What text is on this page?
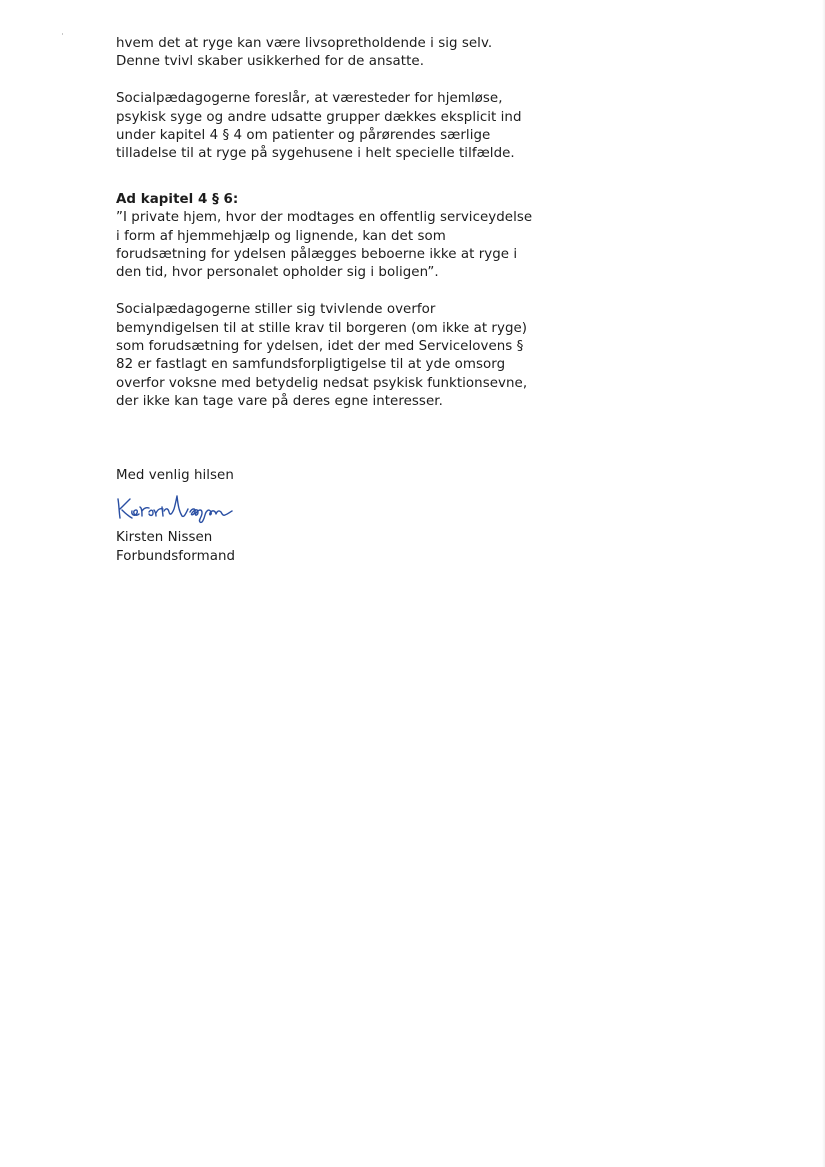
hvem det at ryge kan være livsopretholdende i sig selv.
Denne tvivl skaber usikkerhed for de ansatte.

Socialpædagogerne foreslår, at væresteder for hjemløse,
psykisk syge og andre udsatte grupper dækkes eksplicit ind
under kapitel 4 § 4 om patienter og pårørendes særlige
tilladelse til at ryge på sygehusene i helt specielle tilfælde.

Ad kapitel 4 § 6:
”I private hjem, hvor der modtages en offentlig serviceydelse
i form af hjemmehjælp og lignende, kan det som
forudsætning for ydelsen pålægges beboerne ikke at ryge i
den tid, hvor personalet opholder sig i boligen”.

Socialpædagogerne stiller sig tvivlende overfor
bemyndigelsen til at stille krav til borgeren (om ikke at ryge)
som forudsætning for ydelsen, idet der med Servicelovens §
82 er fastlagt en samfundsforpligtigelse til at yde omsorg
overfor voksne med betydelig nedsat psykisk funktionsevne,
der ikke kan tage vare på deres egne interesser.

Med venlig hilsen

Kirsten Nissen
Forbundsformand
